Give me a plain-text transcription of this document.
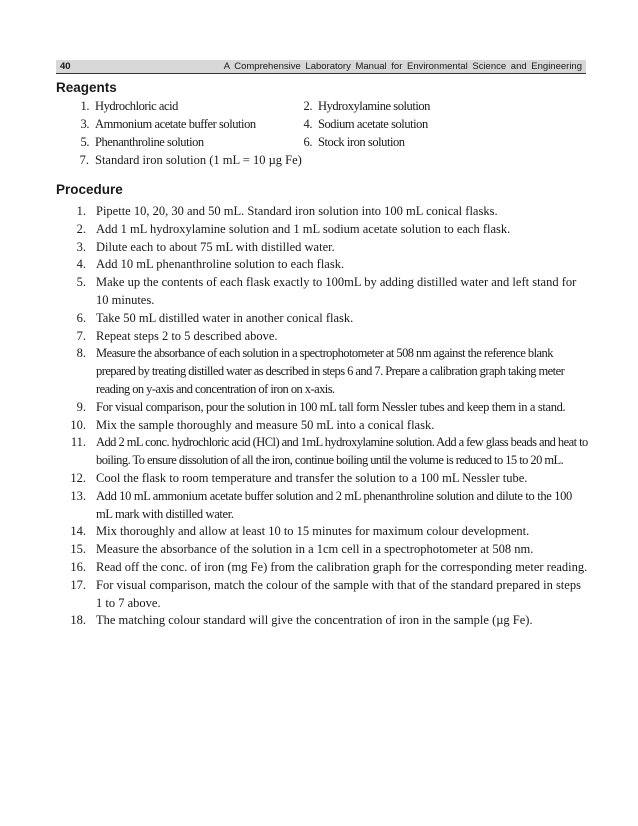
40	A Comprehensive Laboratory Manual for Environmental Science and Engineering
Reagents
1. Hydrochloric acid	2. Hydroxylamine solution
3. Ammonium acetate buffer solution	4. Sodium acetate solution
5. Phenanthroline solution	6. Stock iron solution
7. Standard iron solution (1 mL = 10 µg Fe)
Procedure
1. Pipette 10, 20, 30 and 50 mL. Standard iron solution into 100 mL conical flasks.
2. Add 1 mL hydroxylamine solution and 1 mL sodium acetate solution to each flask.
3. Dilute each to about 75 mL with distilled water.
4. Add 10 mL phenanthroline solution to each flask.
5. Make up the contents of each flask exactly to 100mL by adding distilled water and left stand for 10 minutes.
6. Take 50 mL distilled water in another conical flask.
7. Repeat steps 2 to 5 described above.
8. Measure the absorbance of each solution in a spectrophotometer at 508 nm against the reference blank prepared by treating distilled water as described in steps 6 and 7. Prepare a calibration graph taking meter reading on y-axis and concentration of iron on x-axis.
9. For visual comparison, pour the solution in 100 mL tall form Nessler tubes and keep them in a stand.
10. Mix the sample thoroughly and measure 50 mL into a conical flask.
11. Add 2 mL conc. hydrochloric acid (HCl) and 1mL hydroxylamine solution. Add a few glass beads and heat to boiling. To ensure dissolution of all the iron, continue boiling until the volume is reduced to 15 to 20 mL.
12. Cool the flask to room temperature and transfer the solution to a 100 mL Nessler tube.
13. Add 10 mL ammonium acetate buffer solution and 2 mL phenanthroline solution and dilute to the 100 mL mark with distilled water.
14. Mix thoroughly and allow at least 10 to 15 minutes for maximum colour development.
15. Measure the absorbance of the solution in a 1cm cell in a spectrophotometer at 508 nm.
16. Read off the conc. of iron (mg Fe) from the calibration graph for the corresponding meter reading.
17. For visual comparison, match the colour of the sample with that of the standard prepared in steps 1 to 7 above.
18. The matching colour standard will give the concentration of iron in the sample (µg Fe).
